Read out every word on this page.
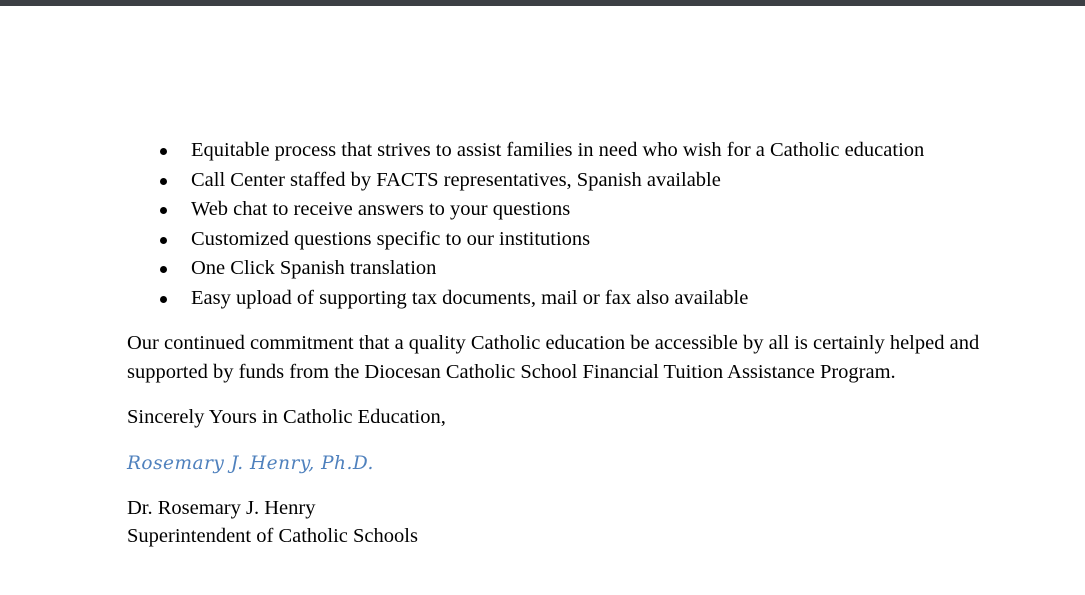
Equitable process that strives to assist families in need who wish for a Catholic education
Call Center staffed by FACTS representatives, Spanish available
Web chat to receive answers to your questions
Customized questions specific to our institutions
One Click Spanish translation
Easy upload of supporting tax documents, mail or fax also available

Our continued commitment that a quality Catholic education be accessible by all is certainly helped and supported by funds from the Diocesan Catholic School Financial Tuition Assistance Program.

Sincerely Yours in Catholic Education,

Rosemary J. Henry, Ph.D.

Dr. Rosemary J. Henry

Superintendent of Catholic Schools
